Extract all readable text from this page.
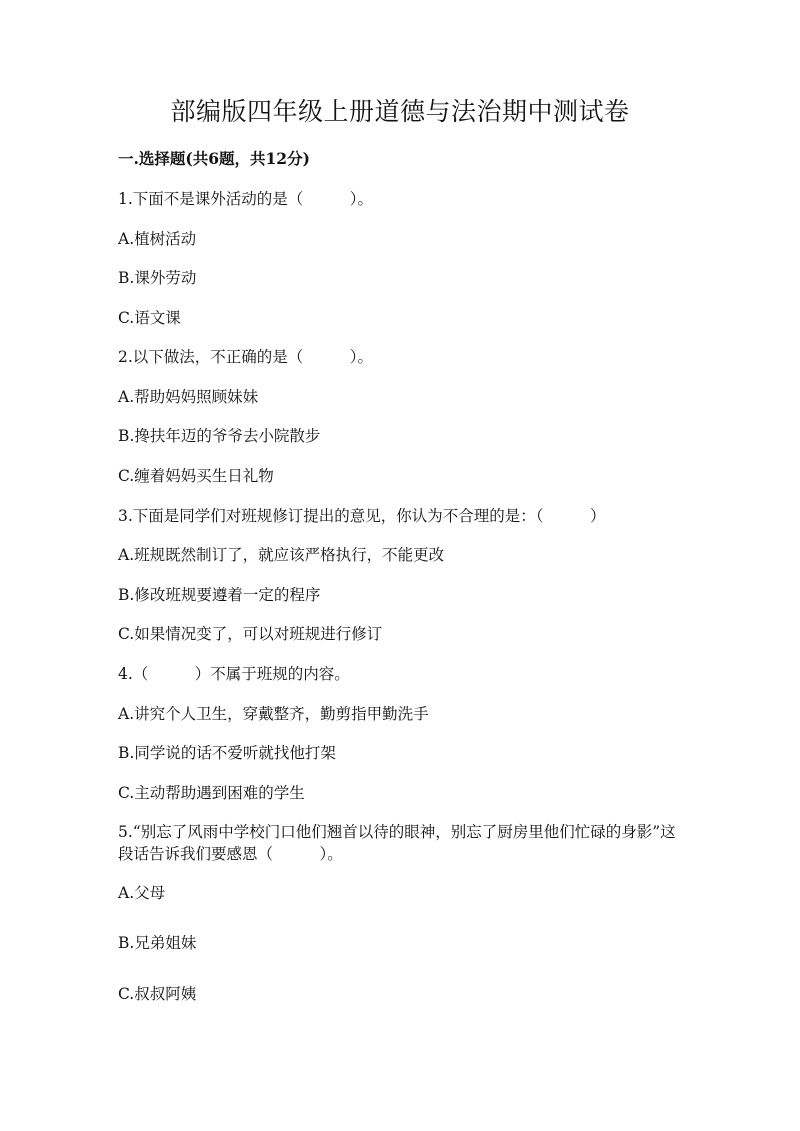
部编版四年级上册道德与法治期中测试卷
一.选择题(共6题，共12分)
1.下面不是课外活动的是（　　　）。
A.植树活动
B.课外劳动
C.语文课
2.以下做法，不正确的是（　　　）。
A.帮助妈妈照顾妹妹
B.搀扶年迈的爷爷去小院散步
C.缠着妈妈买生日礼物
3.下面是同学们对班规修订提出的意见，你认为不合理的是：（　　　）
A.班规既然制订了，就应该严格执行，不能更改
B.修改班规要遵着一定的程序
C.如果情况变了，可以对班规进行修订
4.（　　　）不属于班规的内容。
A.讲究个人卫生，穿戴整齐，勤剪指甲勤洗手
B.同学说的话不爱听就找他打架
C.主动帮助遇到困难的学生
5.“别忘了风雨中学校门口他们翘首以待的眼神，别忘了厨房里他们忙碌的身影”这段话告诉我们要感恩（　　　）。
A.父母
B.兄弟姐妹
C.叔叔阿姨
